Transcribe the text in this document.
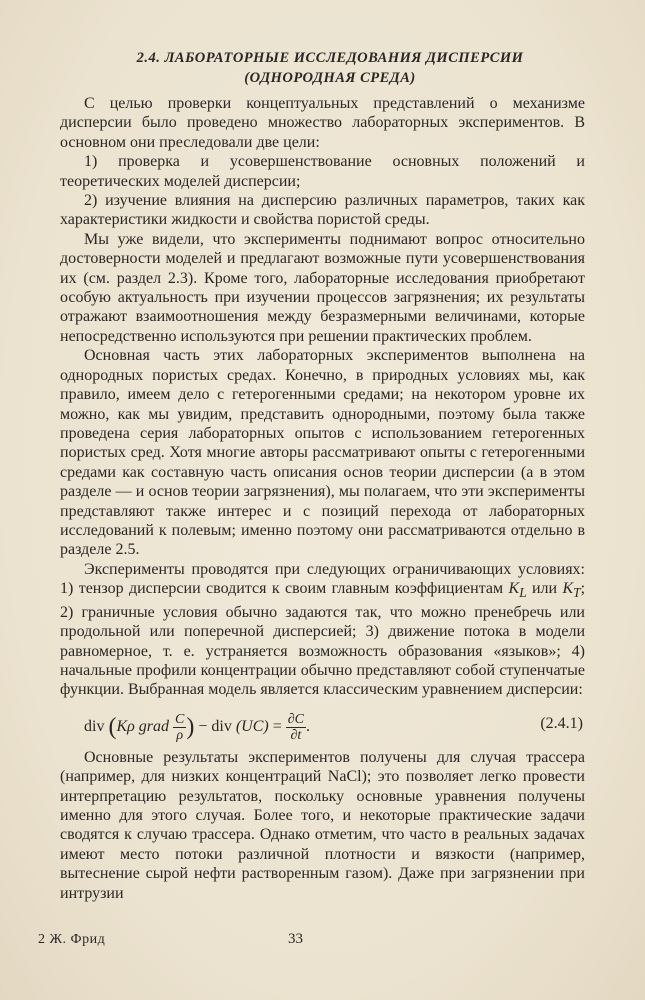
2.4. ЛАБОРАТОРНЫЕ ИССЛЕДОВАНИЯ ДИСПЕРСИИ
(ОДНОРОДНАЯ СРЕДА)

С целью проверки концептуальных представлений о механизме дисперсии было проведено множество лабораторных экспериментов. В основном они преследовали две цели:

1) проверка и усовершенствование основных положений и теоретических моделей дисперсии;

2) изучение влияния на дисперсию различных параметров, таких как характеристики жидкости и свойства пористой среды.

Мы уже видели, что эксперименты поднимают вопрос относительно достоверности моделей и предлагают возможные пути усовершенствования их (см. раздел 2.3). Кроме того, лабораторные исследования приобретают особую актуальность при изучении процессов загрязнения; их результаты отражают взаимоотношения между безразмерными величинами, которые непосредственно используются при решении практических проблем.

Основная часть этих лабораторных экспериментов выполнена на однородных пористых средах. Конечно, в природных условиях мы, как правило, имеем дело с гетерогенными средами; на некотором уровне их можно, как мы увидим, представить однородными, поэтому была также проведена серия лабораторных опытов с использованием гетерогенных пористых сред. Хотя многие авторы рассматривают опыты с гетерогенными средами как составную часть описания основ теории дисперсии (а в этом разделе — и основ теории загрязнения), мы полагаем, что эти эксперименты представляют также интерес и с позиций перехода от лабораторных исследований к полевым; именно поэтому они рассматриваются отдельно в разделе 2.5.

Эксперименты проводятся при следующих ограничивающих условиях: 1) тензор дисперсии сводится к своим главным коэффициентам $K_L$ или $K_T$; 2) граничные условия обычно задаются так, что можно пренебречь или продольной или поперечной дисперсией; 3) движение потока в модели равномерное, т. е. устраняется возможность образования «языков»; 4) начальные профили концентрации обычно представляют собой ступенчатые функции. Выбранная модель является классическим уравнением дисперсии:

div (Kρ grad $\frac{C}{\rho}$ ) − div $(UC) = \frac{\partial C}{\partial t}$ .	(2.4.1)

Основные результаты экспериментов получены для случая трассера (например, для низких концентраций NaCl); это позволяет легко провести интерпретацию результатов, поскольку основные уравнения получены именно для этого случая. Более того, и некоторые практические задачи сводятся к случаю трассера. Однако отметим, что часто в реальных задачах имеют место потоки различной плотности и вязкости (например, вытеснение сырой нефти растворенным газом). Даже при загрязнении при интрузии

2 Ж. Фрид	33
